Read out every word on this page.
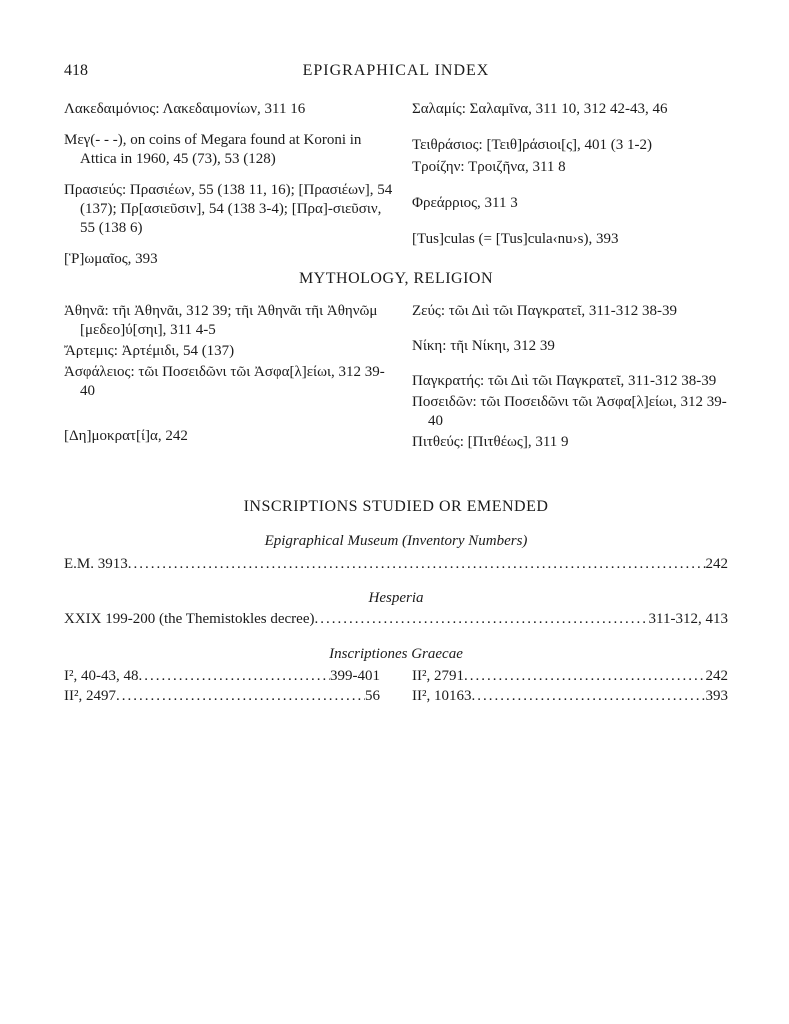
418	EPIGRAPHICAL INDEX
Λακεδαιμόνιος: Λακεδαιμονίων, 311 16
Μεγ(- - -), on coins of Megara found at Koroni in Attica in 1960, 45 (73), 53 (128)
Πρασιεύς: Πρασιέων, 55 (138 11, 16); [Πρασιέων], 54 (137); Πρ[ασιεῦσιν], 54 (138 3-4); [Πρα]-σιεῦσιν, 55 (138 6)
[Ῥ]ωμαῖος, 393
Σαλαμίς: Σαλαμῖνα, 311 10, 312 42-43, 46
Τειθράσιος: [Τειθ]ράσιοι[ς], 401 (3 1-2)
Τροίζην: Τροιζῆνα, 311 8
Φρεάρριος, 311 3
[Tus]culas (= [Tus]cula‹nu›s), 393
MYTHOLOGY, RELIGION
Ἀθηνᾶ: τῆι Ἀθηνᾶι, 312 39; τῆι Ἀθηνᾶι τῆι Ἀθηνῶμ [μεδεο]ύ[σηι], 311 4-5
Ἄρτεμις: Ἀρτέμιδι, 54 (137)
Ἀσφάλειος: τῶι Ποσειδῶνι τῶι Ἀσφα[λ]είωι, 312 39-40
[Δη]μοκρατ[ί]α, 242
Ζεύς: τῶι Διὶ τῶι Παγκρατεῖ, 311-312 38-39
Νίκη: τῆι Νίκηι, 312 39
Παγκρατής: τῶι Διὶ τῶι Παγκρατεῖ, 311-312 38-39
Ποσειδῶν: τῶι Ποσειδῶνι τῶι Ἀσφα[λ]είωι, 312 39-40
Πιτθεύς: [Πιτθέως], 311 9
INSCRIPTIONS STUDIED OR EMENDED
Epigraphical Museum (Inventory Numbers)
E.M. 3913 .....	242
Hesperia
XXIX 199-200 (the Themistokles decree) .....	311-312, 413
Inscriptiones Graecae
I², 40-43, 48 .....	399-401
II², 2497 .....	56
II², 2791 .....	242
II², 10163 .....	393
